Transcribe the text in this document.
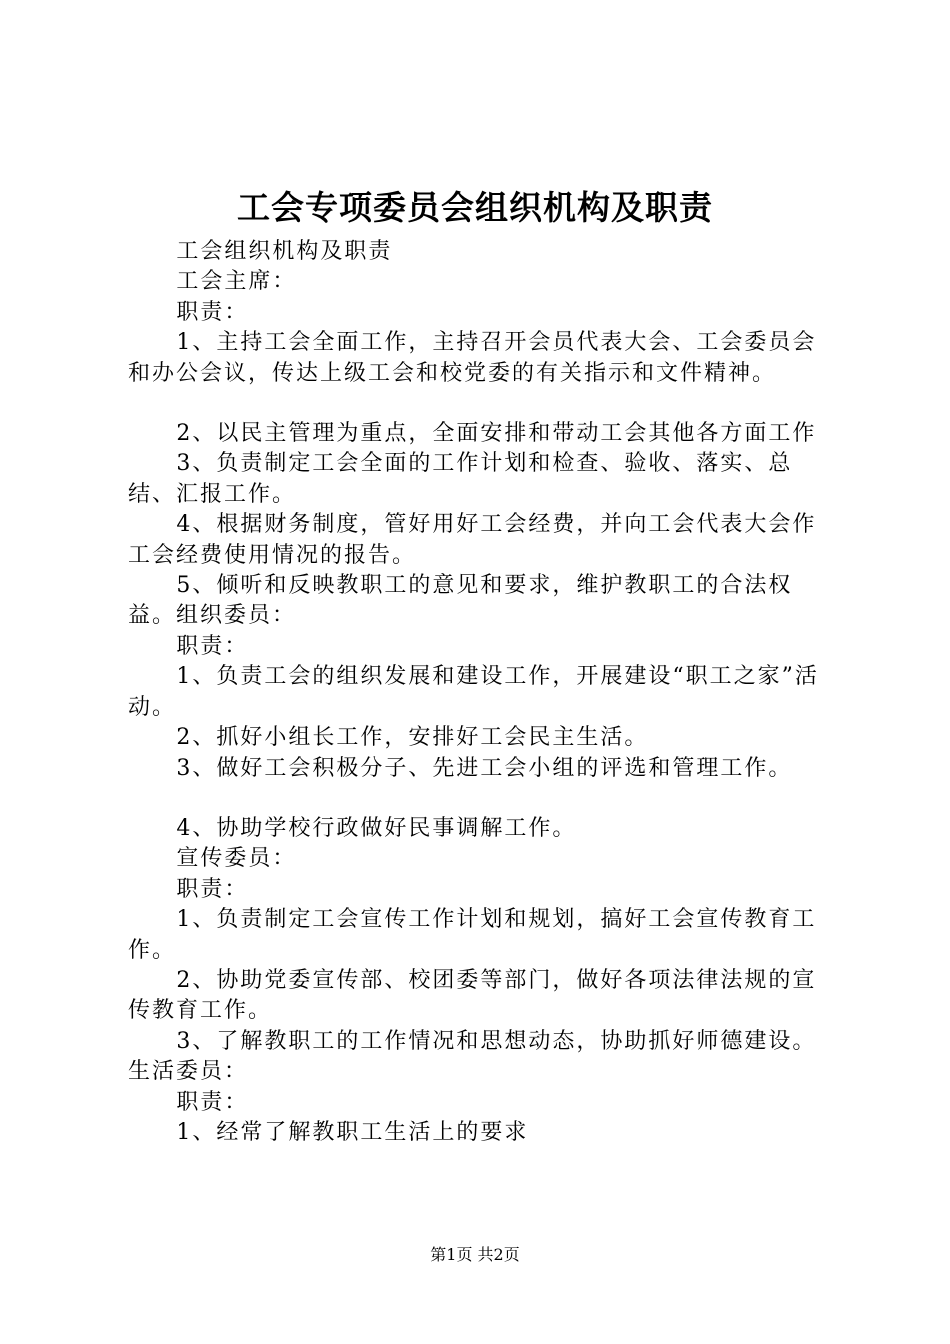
工会专项委员会组织机构及职责

工会组织机构及职责

工会主席：

职责：

1、主持工会全面工作，主持召开会员代表大会、工会委员会和办公会议，传达上级工会和校党委的有关指示和文件精神。

2、以民主管理为重点，全面安排和带动工会其他各方面工作

3、负责制定工会全面的工作计划和检查、验收、落实、总结、汇报工作。

4、根据财务制度，管好用好工会经费，并向工会代表大会作工会经费使用情况的报告。

5、倾听和反映教职工的意见和要求，维护教职工的合法权益。组织委员：

职责：

1、负责工会的组织发展和建设工作，开展建设“职工之家”活动。

2、抓好小组长工作，安排好工会民主生活。

3、做好工会积极分子、先进工会小组的评选和管理工作。

4、协助学校行政做好民事调解工作。

宣传委员：

职责：

1、负责制定工会宣传工作计划和规划，搞好工会宣传教育工作。

2、协助党委宣传部、校团委等部门，做好各项法律法规的宣传教育工作。

3、了解教职工的工作情况和思想动态，协助抓好师德建设。生活委员：

职责：

1、经常了解教职工生活上的要求

第1页 共2页
